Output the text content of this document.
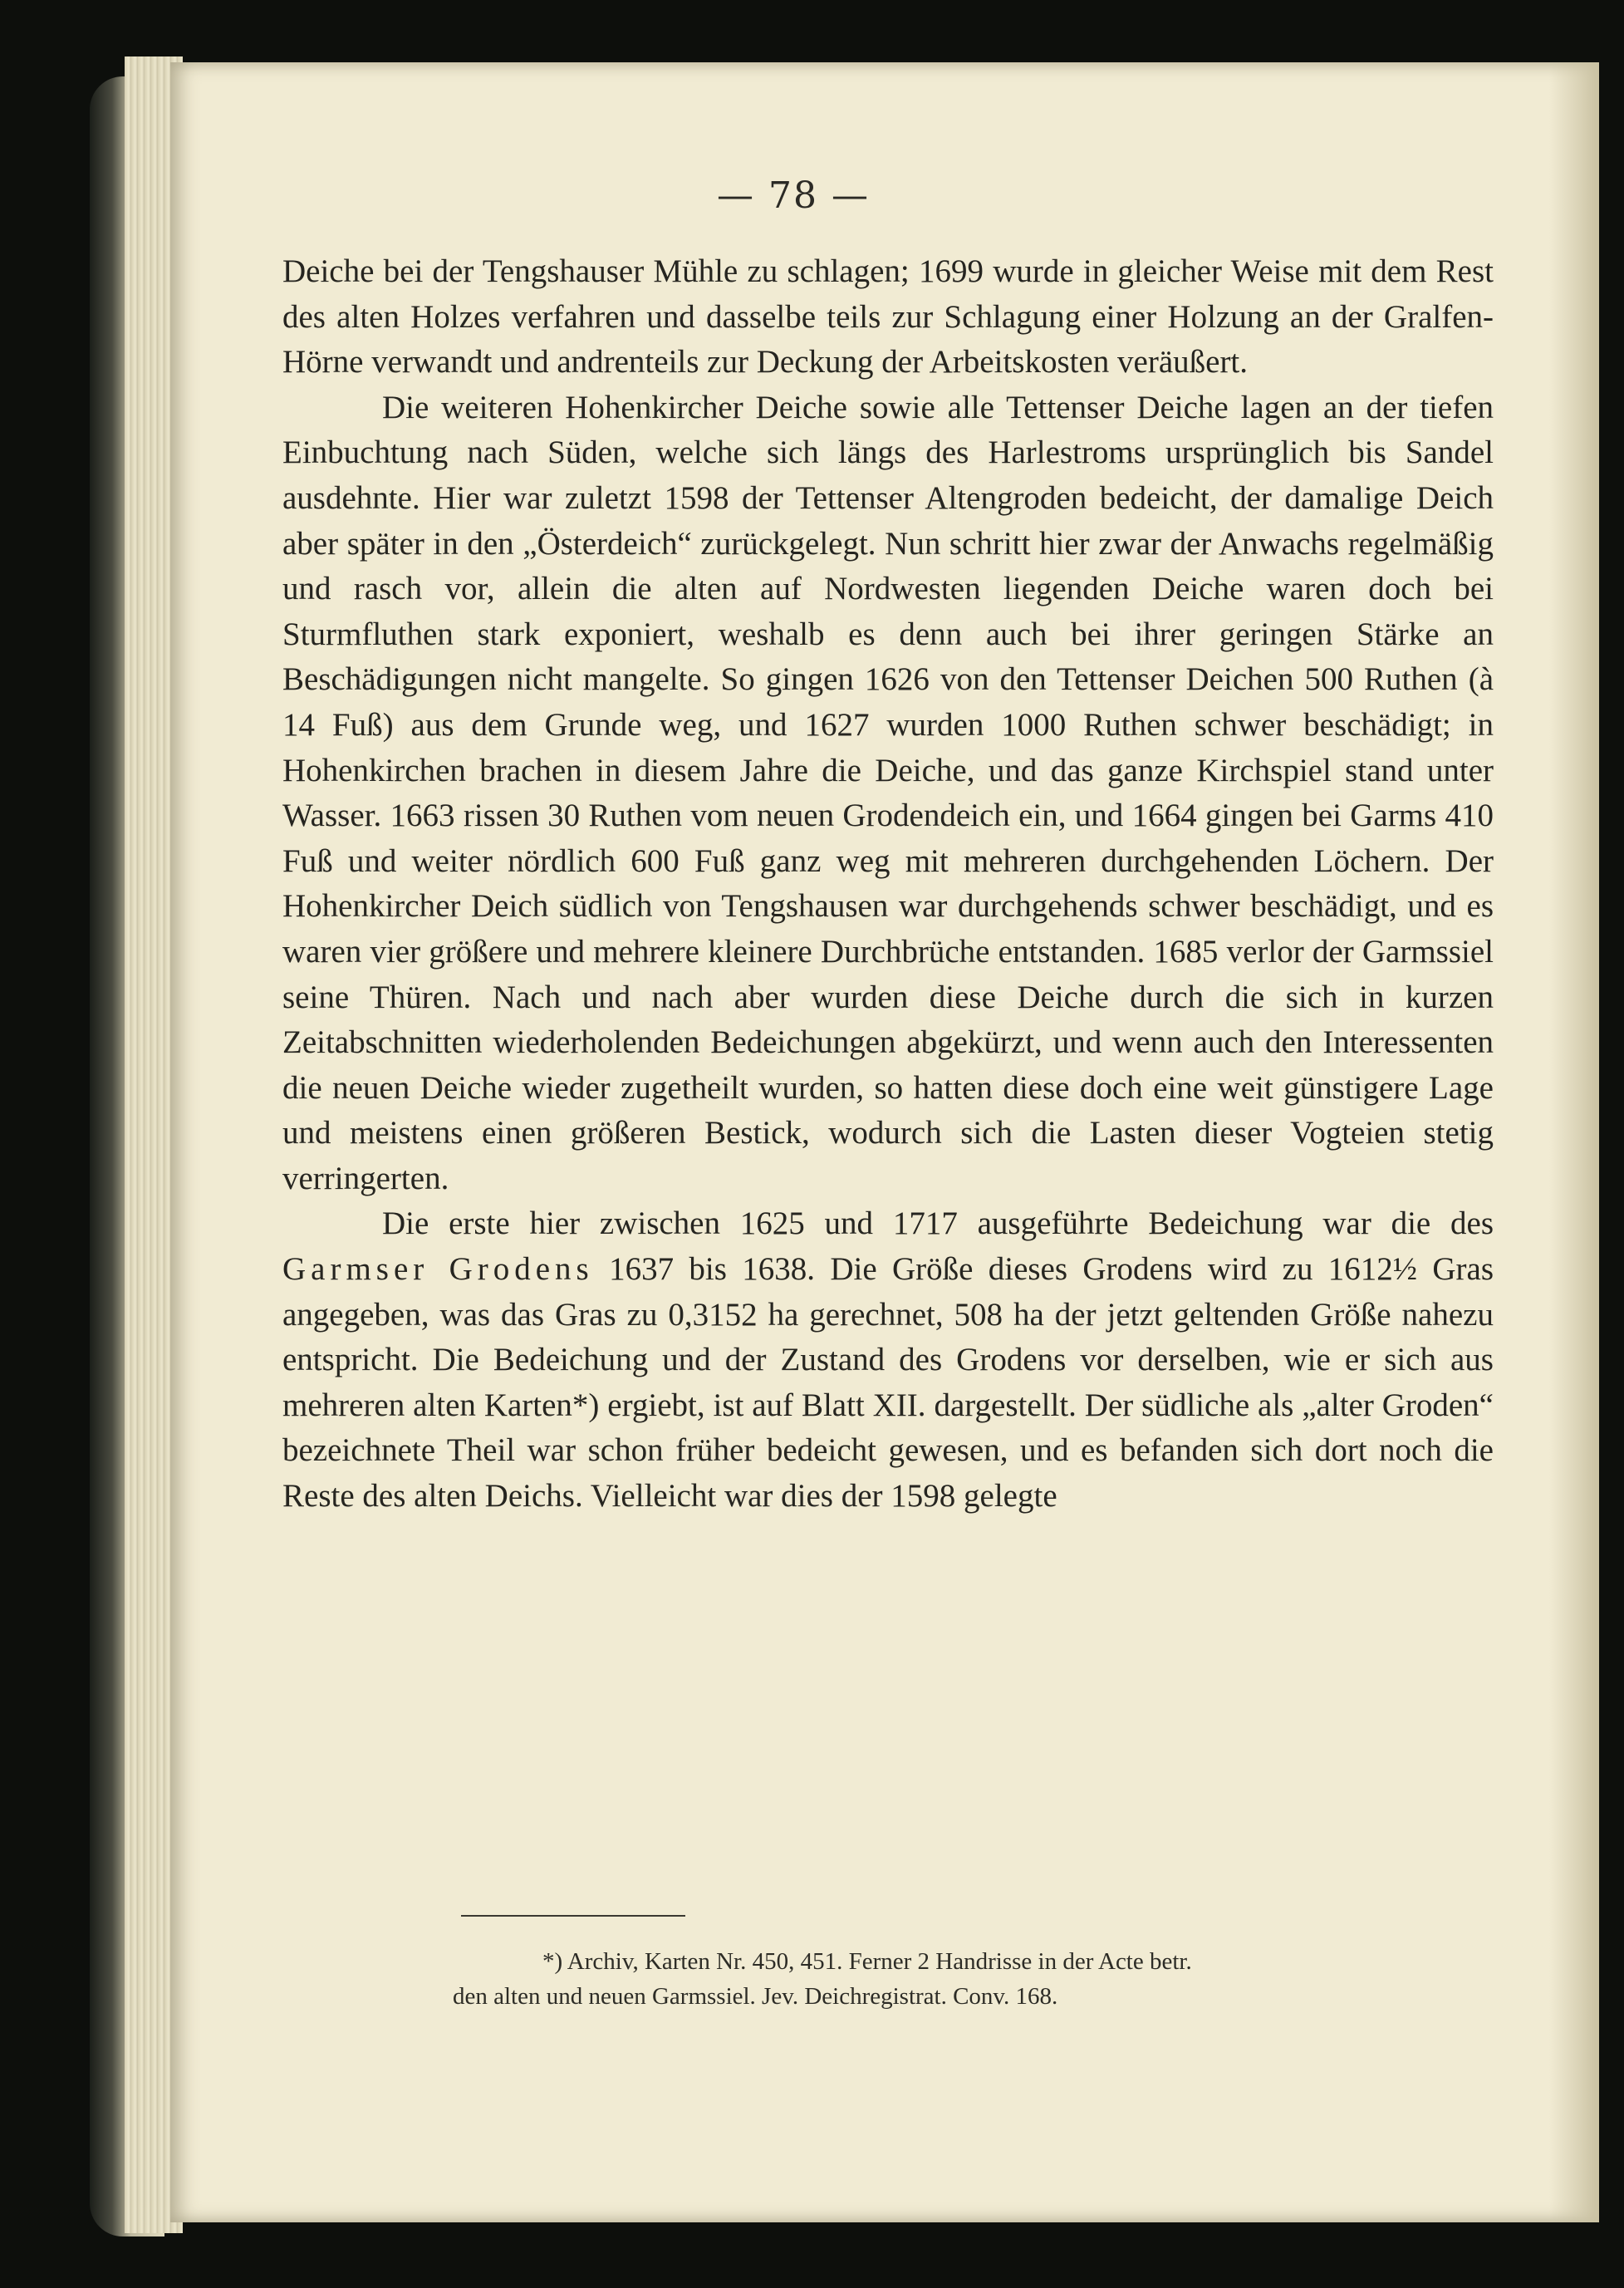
— 78 —

Deiche bei der Tengshauser Mühle zu schlagen; 1699 wurde in gleicher Weise mit dem Rest des alten Holzes verfahren und dasselbe teils zur Schlagung einer Holzung an der Gralfen-Hörne verwandt und andrenteils zur Deckung der Arbeitskosten veräußert.

Die weiteren Hohenkircher Deiche sowie alle Tettenser Deiche lagen an der tiefen Einbuchtung nach Süden, welche sich längs des Harlestroms ursprünglich bis Sandel ausdehnte. Hier war zuletzt 1598 der Tettenser Altengroden bedeicht, der damalige Deich aber später in den „Österdeich“ zurückgelegt. Nun schritt hier zwar der Anwachs regelmäßig und rasch vor, allein die alten auf Nordwesten liegenden Deiche waren doch bei Sturmfluthen stark exponiert, weshalb es denn auch bei ihrer geringen Stärke an Beschädigungen nicht mangelte. So gingen 1626 von den Tettenser Deichen 500 Ruthen (à 14 Fuß) aus dem Grunde weg, und 1627 wurden 1000 Ruthen schwer beschädigt; in Hohenkirchen brachen in diesem Jahre die Deiche, und das ganze Kirchspiel stand unter Wasser. 1663 rissen 30 Ruthen vom neuen Grodendeich ein, und 1664 gingen bei Garms 410 Fuß und weiter nördlich 600 Fuß ganz weg mit mehreren durchgehenden Löchern. Der Hohenkircher Deich südlich von Tengshausen war durchgehends schwer beschädigt, und es waren vier größere und mehrere kleinere Durchbrüche entstanden. 1685 verlor der Garmssiel seine Thüren. Nach und nach aber wurden diese Deiche durch die sich in kurzen Zeitabschnitten wiederholenden Bedeichungen abgekürzt, und wenn auch den Interessenten die neuen Deiche wieder zugetheilt wurden, so hatten diese doch eine weit günstigere Lage und meistens einen größeren Bestick, wodurch sich die Lasten dieser Vogteien stetig verringerten.

Die erste hier zwischen 1625 und 1717 ausgeführte Bedeichung war die des Garmser Grodens 1637 bis 1638. Die Größe dieses Grodens wird zu 1612½ Gras angegeben, was das Gras zu 0,3152 ha gerechnet, 508 ha der jetzt geltenden Größe nahezu entspricht. Die Bedeichung und der Zustand des Grodens vor derselben, wie er sich aus mehreren alten Karten*) ergiebt, ist auf Blatt XII. dargestellt. Der südliche als „alter Groden“ bezeichnete Theil war schon früher bedeicht gewesen, und es befanden sich dort noch die Reste des alten Deichs. Vielleicht war dies der 1598 gelegte

*) Archiv, Karten Nr. 450, 451. Ferner 2 Handrisse in der Acte betr.

den alten und neuen Garmssiel. Jev. Deichregistrat. Conv. 168.
